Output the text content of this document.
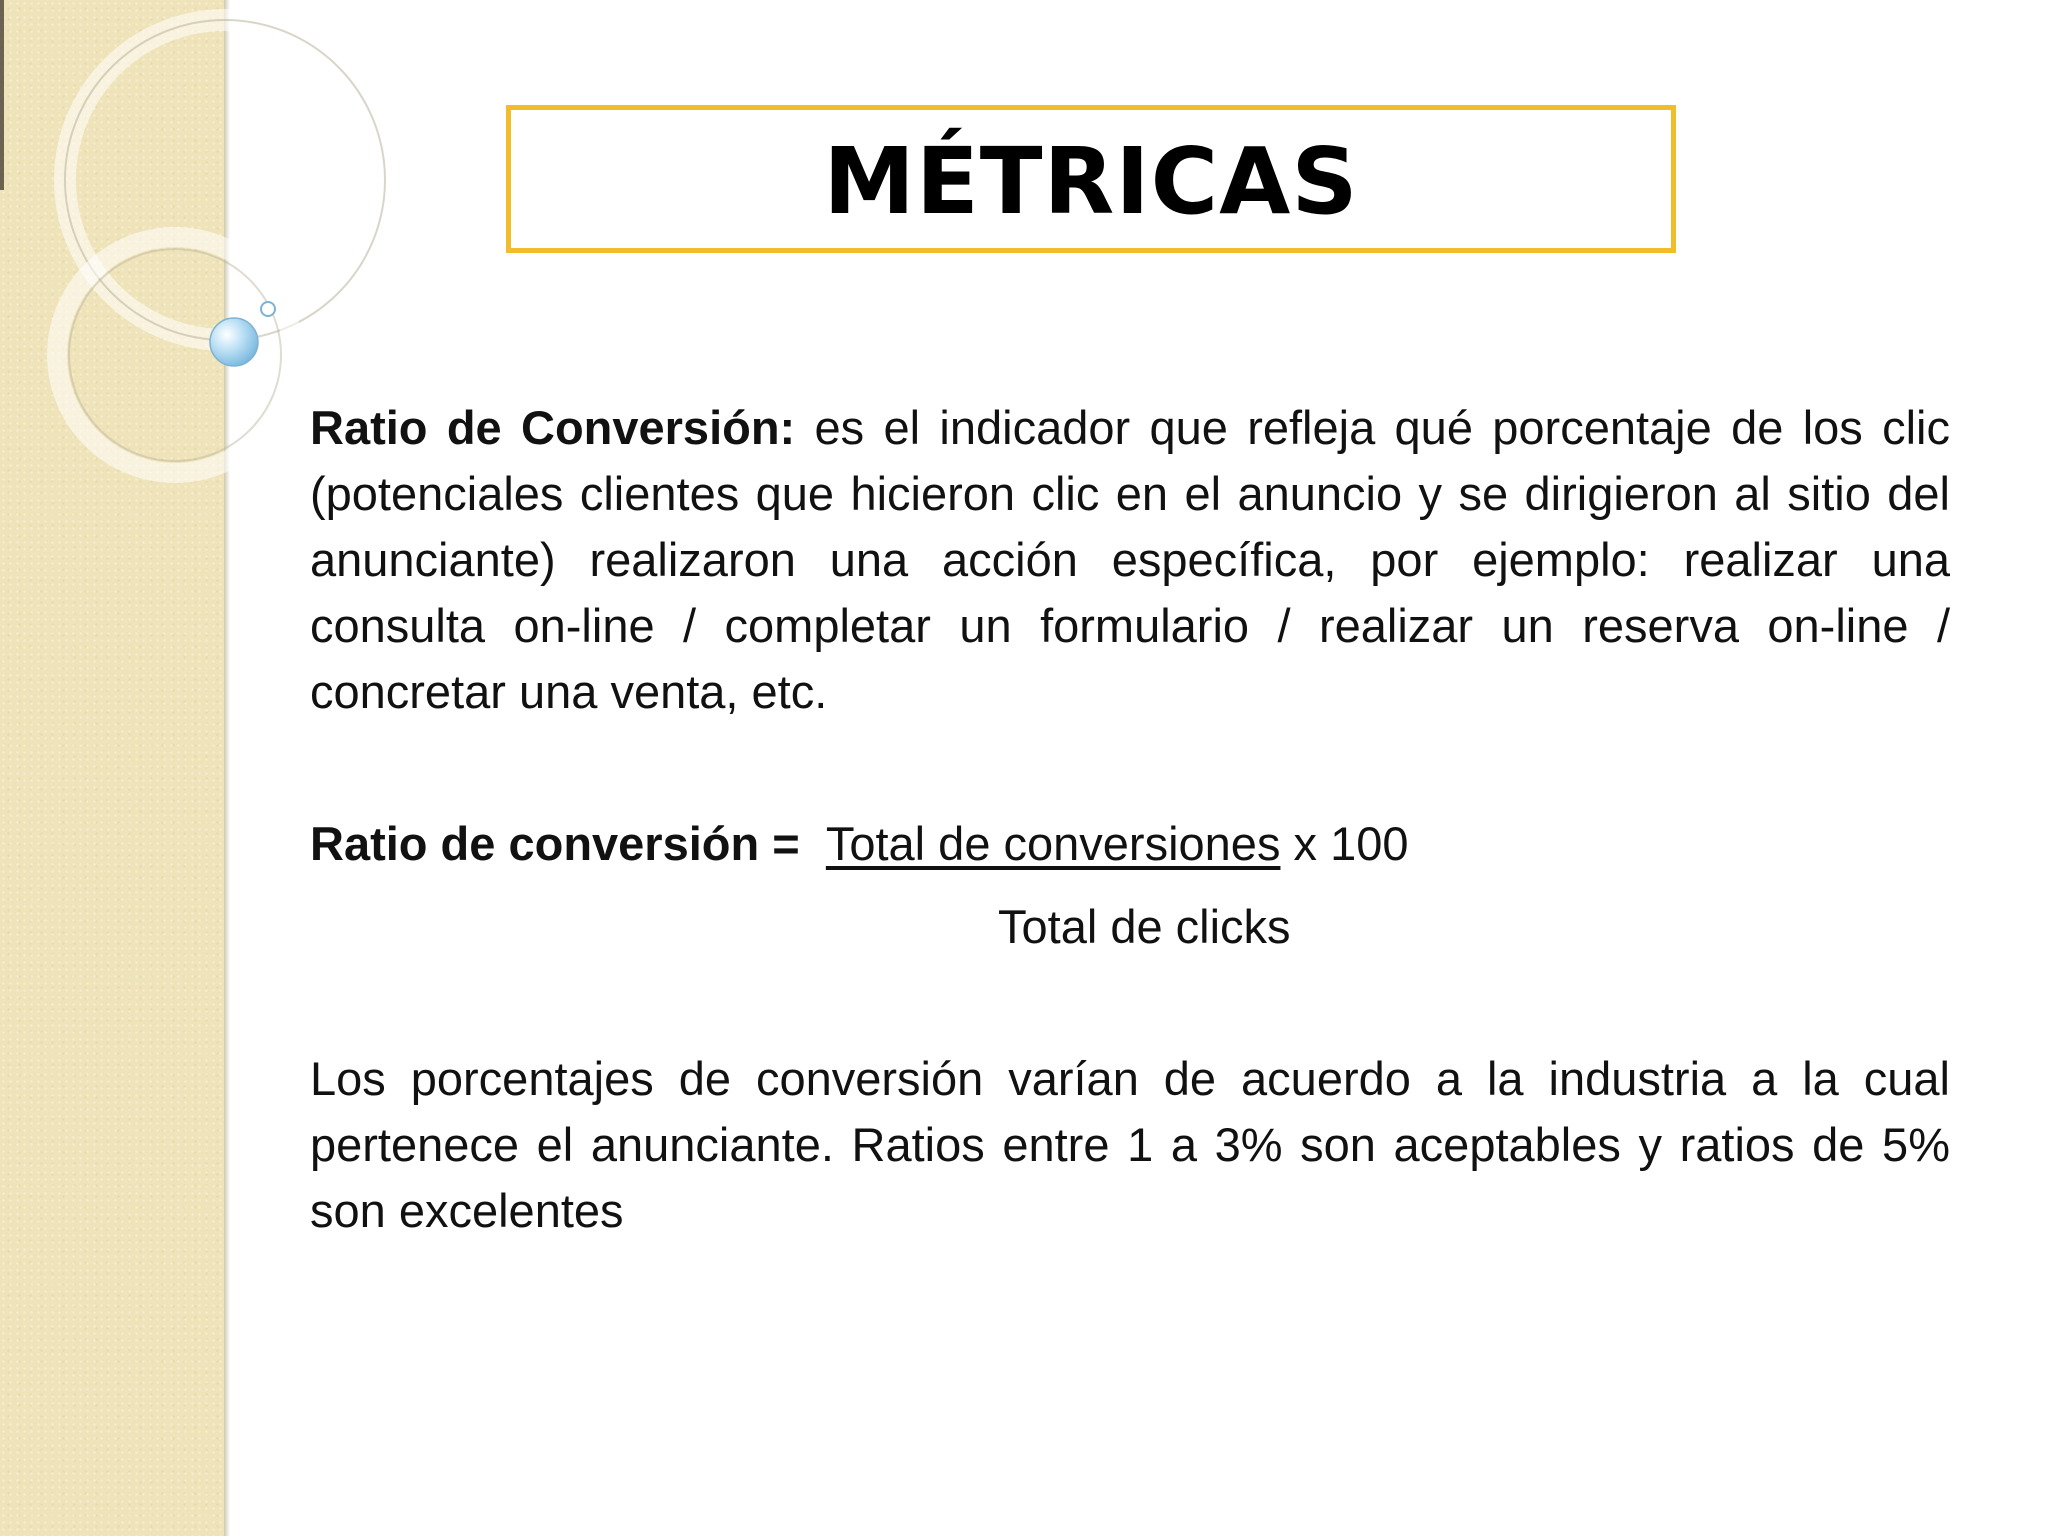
MÉTRICAS

Ratio de Conversión: es el indicador que refleja qué porcentaje de los clic (potenciales clientes que hicieron clic en el anuncio y se dirigieron al sitio del anunciante) realizaron una acción específica, por ejemplo: realizar una consulta on-line / completar un formulario / realizar un reserva on-line / concretar una venta, etc.

Ratio de conversión = Total de conversiones x 100
Total de clicks

Los porcentajes de conversión varían de acuerdo a la industria a la cual pertenece el anunciante. Ratios entre 1 a 3% son aceptables y ratios de 5% son excelentes
